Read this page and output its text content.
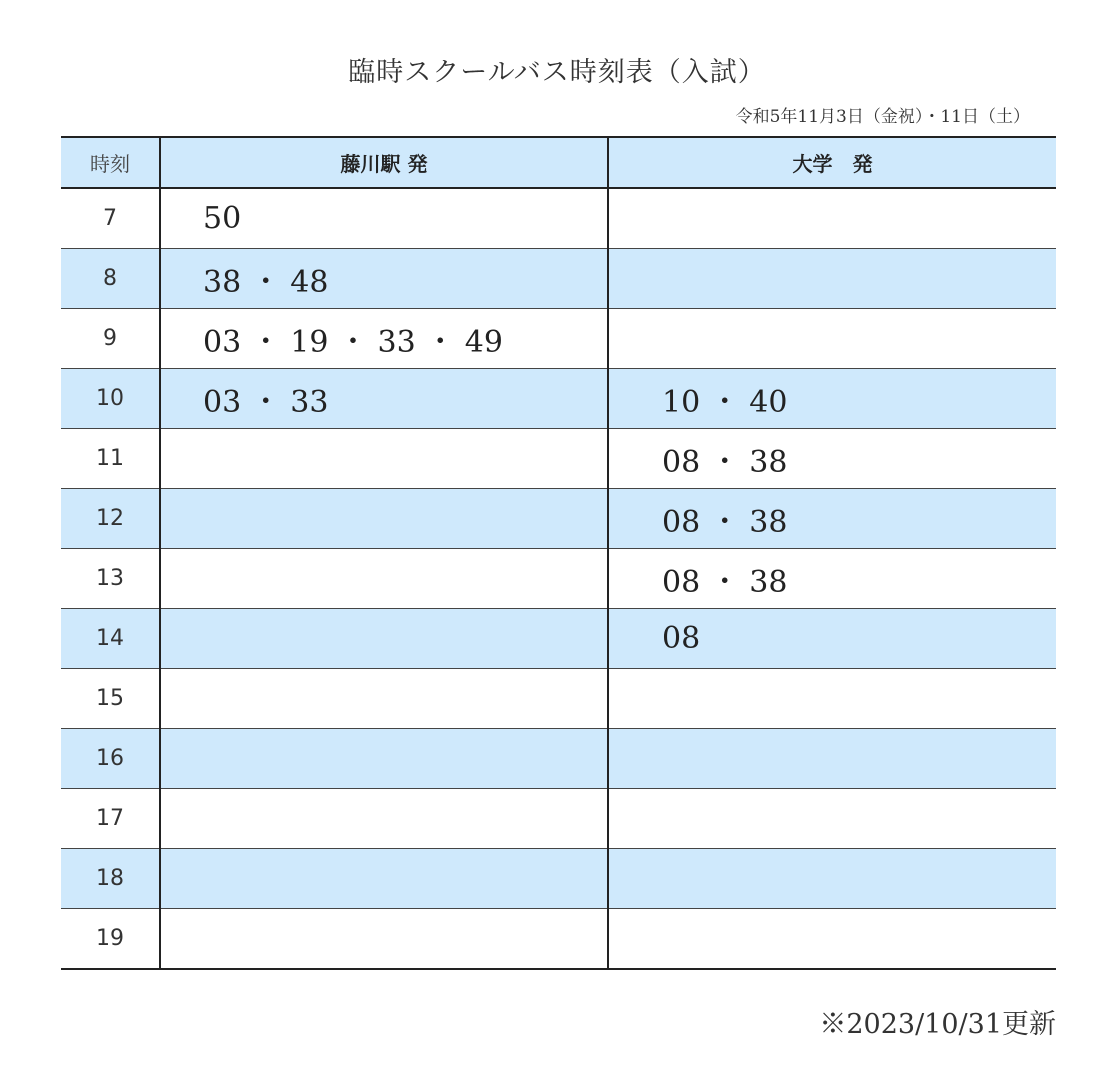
臨時スクールバス時刻表（入試）
令和5年11月3日（金祝）・11日（土）
時刻	藤川駅 発	大学　発
7	50	
8	38 ・ 48	
9	03 ・ 19 ・ 33 ・ 49	
10	03 ・ 33	10 ・ 40
11		08 ・ 38
12		08 ・ 38
13		08 ・ 38
14		08
15		
16		
17		
18		
19		
※2023/10/31更新
